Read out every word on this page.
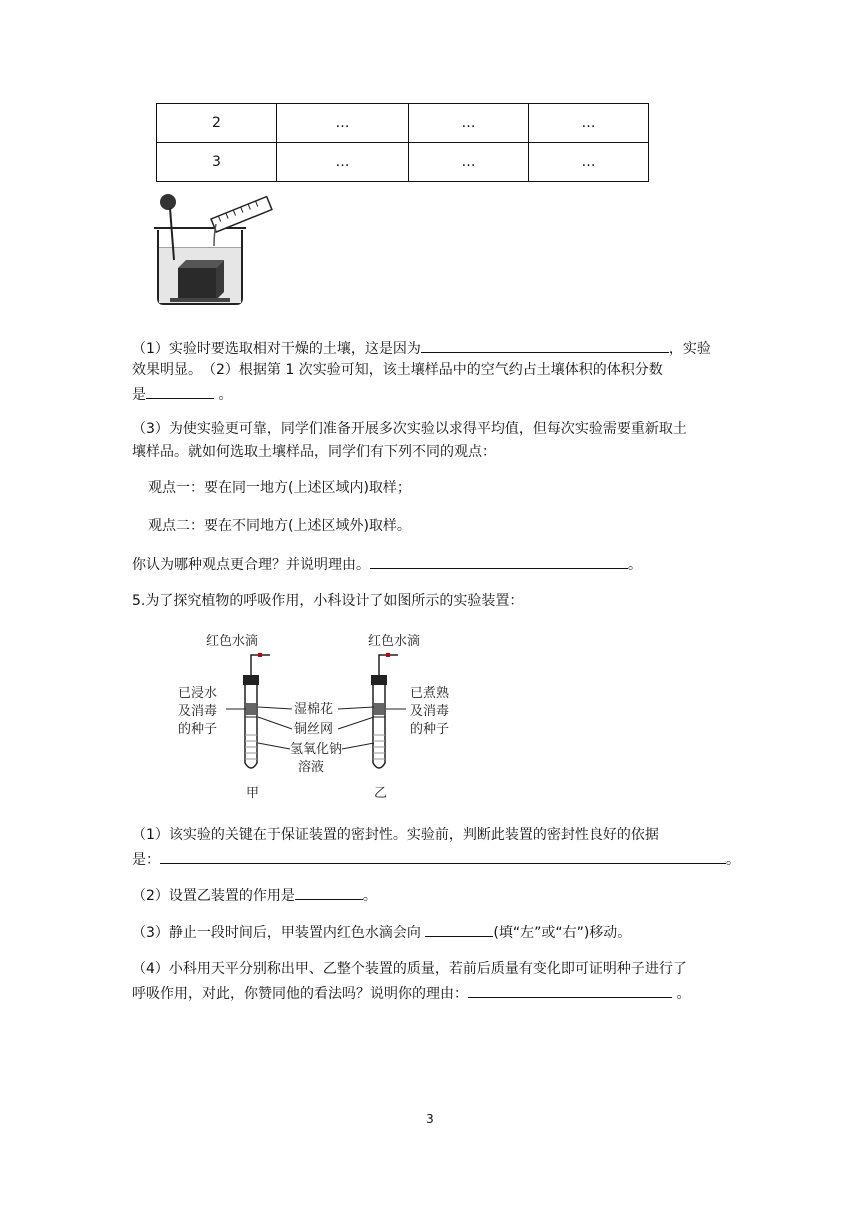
2	…	…	…
3	…	…	…
（1）实验时要选取相对干燥的土壤，这是因为	，实验
效果明显。　（2）根据第 1 次实验可知，该土壤样品中的空气约占土壤体积的体积分数
是	。
（3）为使实验更可靠，同学们准备开展多次实验以求得平均值，但每次实验需要重新取土
壤样品。就如何选取土壤样品，同学们有下列不同的观点：
观点一：要在同一地方(上述区域内)取样；
观点二：要在不同地方(上述区域外)取样。
你认为哪种观点更合理？并说明理由。	。
5.为了探究植物的呼吸作用，小科设计了如图所示的实验装置：
红色水滴	红色水滴
已浸水
及消毒
的种子
已煮熟
及消毒
的种子
湿棉花
铜丝网
氢氧化钠
溶液
甲	乙
（1）该实验的关键在于保证装置的密封性。实验前，判断此装置的密封性良好的依据
是：	。
（2）设置乙装置的作用是	。
（3）静止一段时间后，甲装置内红色水滴会向	(填“左”或“右”)移动。
（4）小科用天平分别称出甲、乙整个装置的质量，若前后质量有变化即可证明种子进行了
呼吸作用，对此，你赞同他的看法吗？说明你的理由：	。
3
